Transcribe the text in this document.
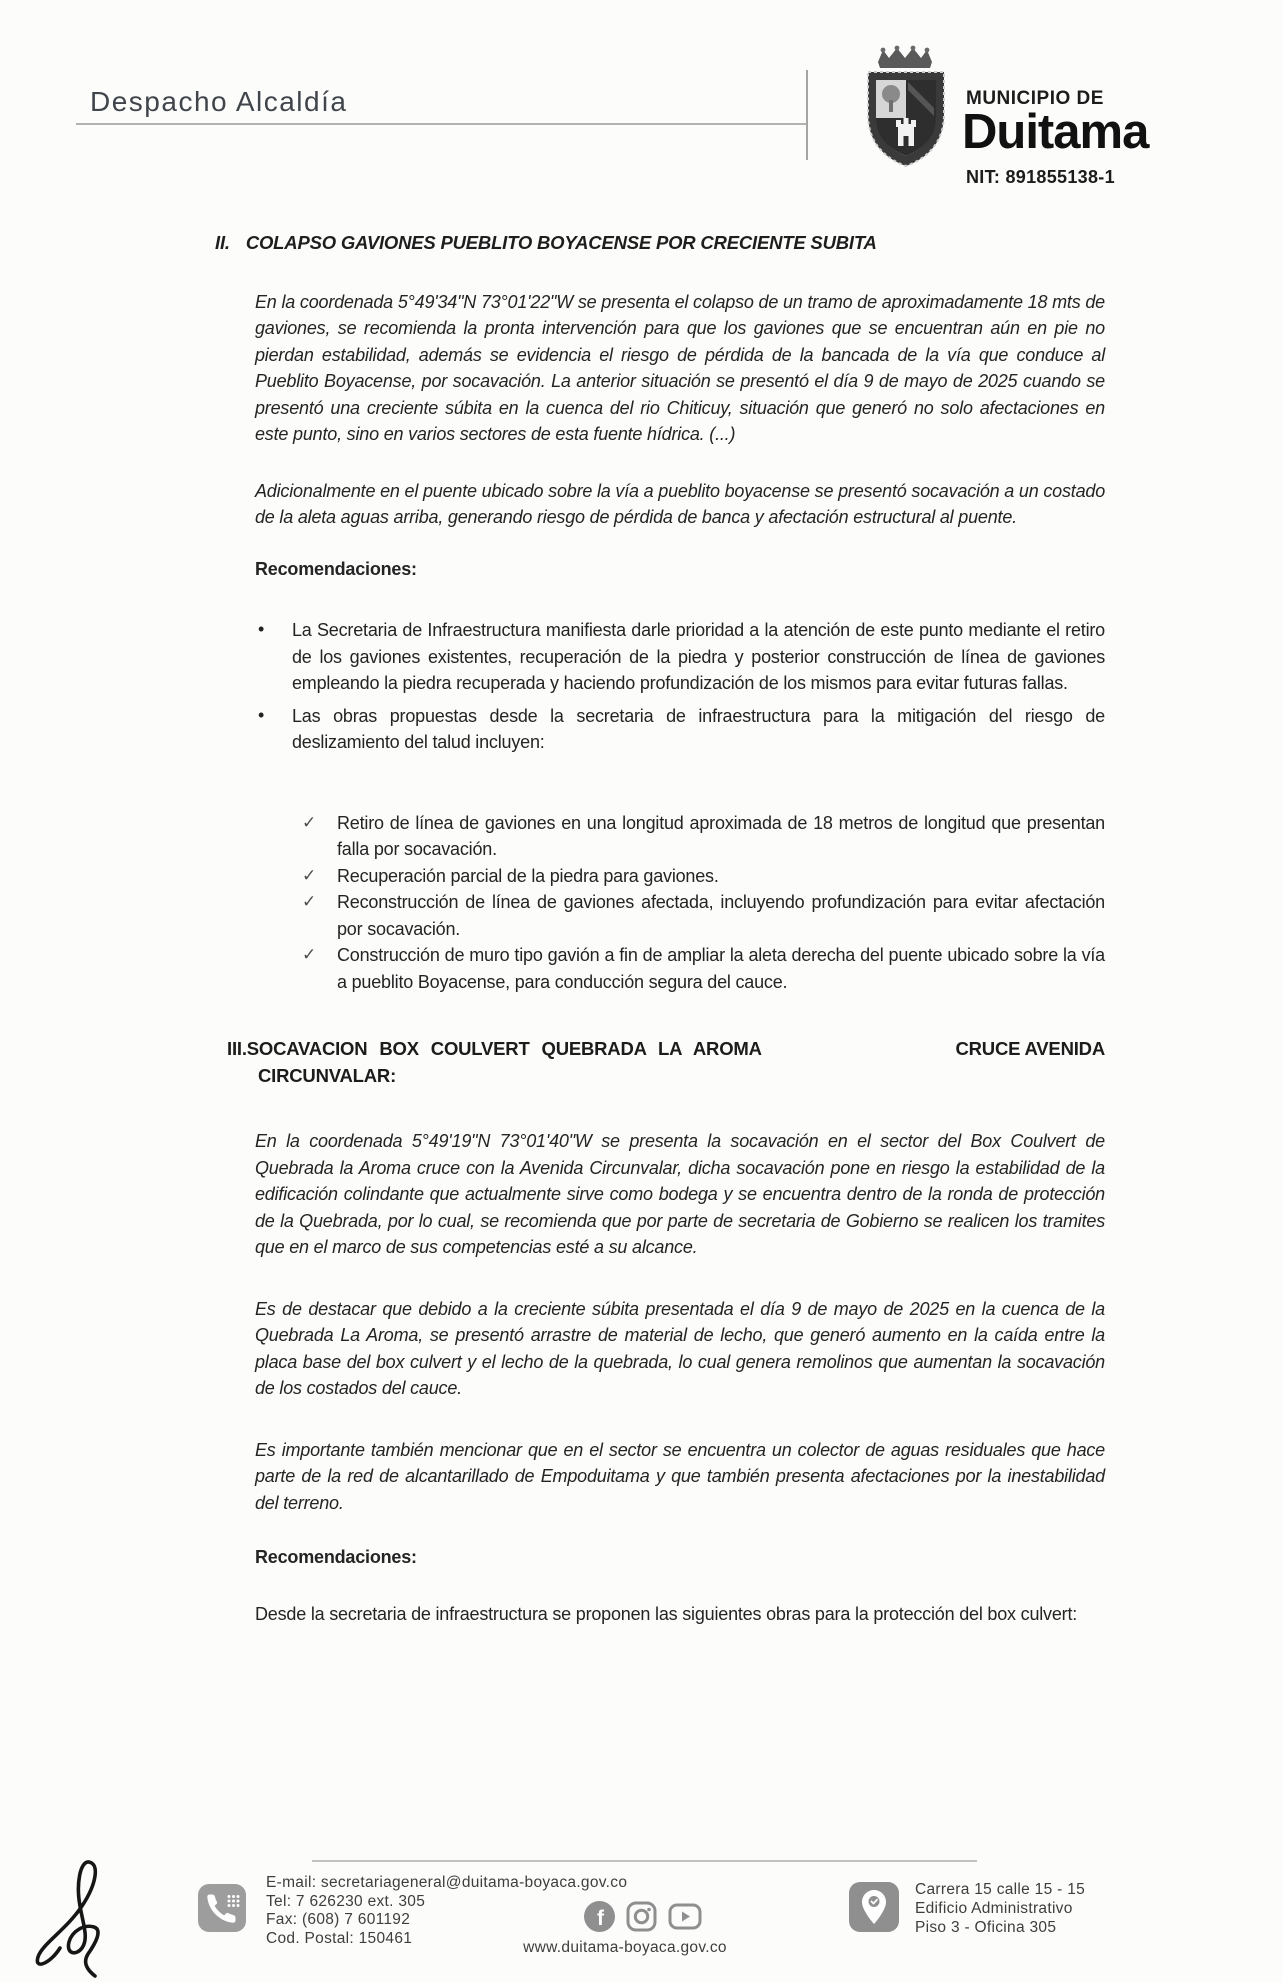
Despacho Alcaldía	MUNICIPIO DE
Duitama
NIT: 891855138-1
II. COLAPSO GAVIONES PUEBLITO BOYACENSE POR CRECIENTE SUBITA

En la coordenada 5°49'34"N 73°01'22"W se presenta el colapso de un tramo de aproximadamente 18 mts de gaviones, se recomienda la pronta intervención para que los gaviones que se encuentran aún en pie no pierdan estabilidad, además se evidencia el riesgo de pérdida de la bancada de la vía que conduce al Pueblito Boyacense, por socavación. La anterior situación se presentó el día 9 de mayo de 2025 cuando se presentó una creciente súbita en la cuenca del rio Chiticuy, situación que generó no solo afectaciones en este punto, sino en varios sectores de esta fuente hídrica. (...)

Adicionalmente en el puente ubicado sobre la vía a pueblito boyacense se presentó socavación a un costado de la aleta aguas arriba, generando riesgo de pérdida de banca y afectación estructural al puente.

Recomendaciones:
• La Secretaria de Infraestructura manifiesta darle prioridad a la atención de este punto mediante el retiro de los gaviones existentes, recuperación de la piedra y posterior construcción de línea de gaviones empleando la piedra recuperada y haciendo profundización de los mismos para evitar futuras fallas.
• Las obras propuestas desde la secretaria de infraestructura para la mitigación del riesgo de deslizamiento del talud incluyen:
✓ Retiro de línea de gaviones en una longitud aproximada de 18 metros de longitud que presentan falla por socavación.
✓ Recuperación parcial de la piedra para gaviones.
✓ Reconstrucción de línea de gaviones afectada, incluyendo profundización para evitar afectación por socavación.
✓ Construcción de muro tipo gavión a fin de ampliar la aleta derecha del puente ubicado sobre la vía a pueblito Boyacense, para conducción segura del cauce.
III.SOCAVACION BOX COULVERT QUEBRADA LA AROMA	CRUCE AVENIDA
CIRCUNVALAR:

En la coordenada 5°49'19"N 73°01'40"W se presenta la socavación en el sector del Box Coulvert de Quebrada la Aroma cruce con la Avenida Circunvalar, dicha socavación pone en riesgo la estabilidad de la edificación colindante que actualmente sirve como bodega y se encuentra dentro de la ronda de protección de la Quebrada, por lo cual, se recomienda que por parte de secretaria de Gobierno se realicen los tramites que en el marco de sus competencias esté a su alcance.

Es de destacar que debido a la creciente súbita presentada el día 9 de mayo de 2025 en la cuenca de la Quebrada La Aroma, se presentó arrastre de material de lecho, que generó aumento en la caída entre la placa base del box culvert y el lecho de la quebrada, lo cual genera remolinos que aumentan la socavación de los costados del cauce.

Es importante también mencionar que en el sector se encuentra un colector de aguas residuales que hace parte de la red de alcantarillado de Empoduitama y que también presenta afectaciones por la inestabilidad del terreno.

Recomendaciones:

Desde la secretaria de infraestructura se proponen las siguientes obras para la protección del box culvert:

E-mail: secretariageneral@duitama-boyaca.gov.co
Tel: 7 626230 ext. 305
Fax: (608) 7 601192
Cod. Postal: 150461
f
www.duitama-boyaca.gov.co
Carrera 15 calle 15 - 15
Edificio Administrativo
Piso 3 - Oficina 305
